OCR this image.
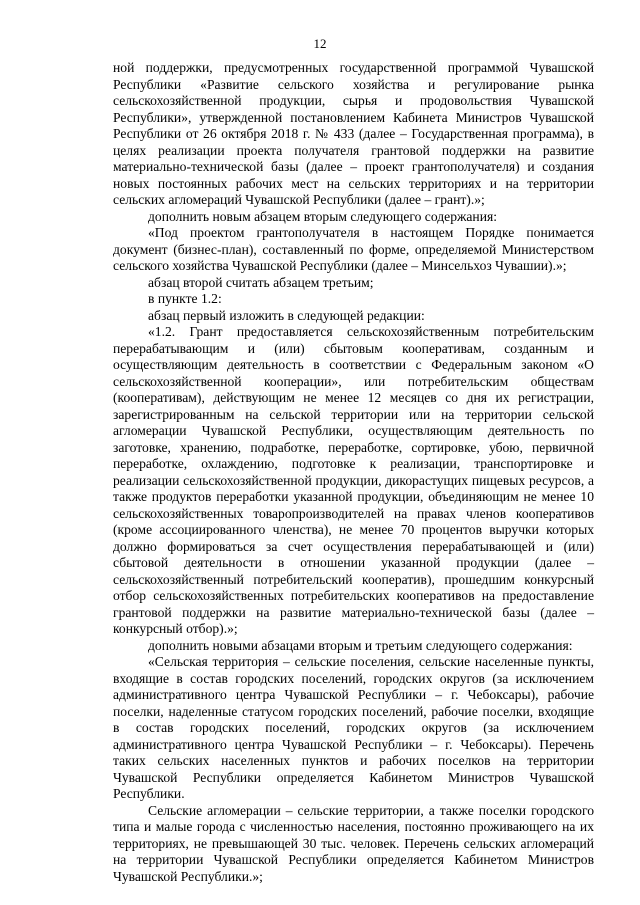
12

ной поддержки, предусмотренных государственной программой Чувашской Республики «Развитие сельского хозяйства и регулирование рынка сельскохозяйственной продукции, сырья и продовольствия Чувашской Республики», утвержденной постановлением Кабинета Министров Чувашской Республики от 26 октября 2018 г. № 433 (далее – Государственная программа), в целях реализации проекта получателя грантовой поддержки на развитие материально-технической базы (далее – проект грантополучателя) и создания новых постоянных рабочих мест на сельских территориях и на территории сельских агломераций Чувашской Республики (далее – грант).»;

дополнить новым абзацем вторым следующего содержания:

«Под проектом грантополучателя в настоящем Порядке понимается документ (бизнес-план), составленный по форме, определяемой Министерством сельского хозяйства Чувашской Республики (далее – Минсельхоз Чувашии).»;

абзац второй считать абзацем третьим;

в пункте 1.2:

абзац первый изложить в следующей редакции:

«1.2. Грант предоставляется сельскохозяйственным потребительским перерабатывающим и (или) сбытовым кооперативам, созданным и осуществляющим деятельность в соответствии с Федеральным законом «О сельскохозяйственной кооперации», или потребительским обществам (кооперативам), действующим не менее 12 месяцев со дня их регистрации, зарегистрированным на сельской территории или на территории сельской агломерации Чувашской Республики, осуществляющим деятельность по заготовке, хранению, подработке, переработке, сортировке, убою, первичной переработке, охлаждению, подготовке к реализации, транспортировке и реализации сельскохозяйственной продукции, дикорастущих пищевых ресурсов, а также продуктов переработки указанной продукции, объединяющим не менее 10 сельскохозяйственных товаропроизводителей на правах членов кооперативов (кроме ассоциированного членства), не менее 70 процентов выручки которых должно формироваться за счет осуществления перерабатывающей и (или) сбытовой деятельности в отношении указанной продукции (далее – сельскохозяйственный потребительский кооператив), прошедшим конкурсный отбор сельскохозяйственных потребительских кооперативов на предоставление грантовой поддержки на развитие материально-технической базы (далее – конкурсный отбор).»;

дополнить новыми абзацами вторым и третьим следующего содержания:

«Сельская территория – сельские поселения, сельские населенные пункты, входящие в состав городских поселений, городских округов (за исключением административного центра Чувашской Республики – г. Чебоксары), рабочие поселки, наделенные статусом городских поселений, рабочие поселки, входящие в состав городских поселений, городских округов (за исключением административного центра Чувашской Республики – г. Чебоксары). Перечень таких сельских населенных пунктов и рабочих поселков на территории Чувашской Республики определяется Кабинетом Министров Чувашской Республики.

Сельские агломерации – сельские территории, а также поселки городского типа и малые города с численностью населения, постоянно проживающего на их территориях, не превышающей 30 тыс. человек. Перечень сельских агломераций на территории Чувашской Республики определяется Кабинетом Министров Чувашской Республики.»;
